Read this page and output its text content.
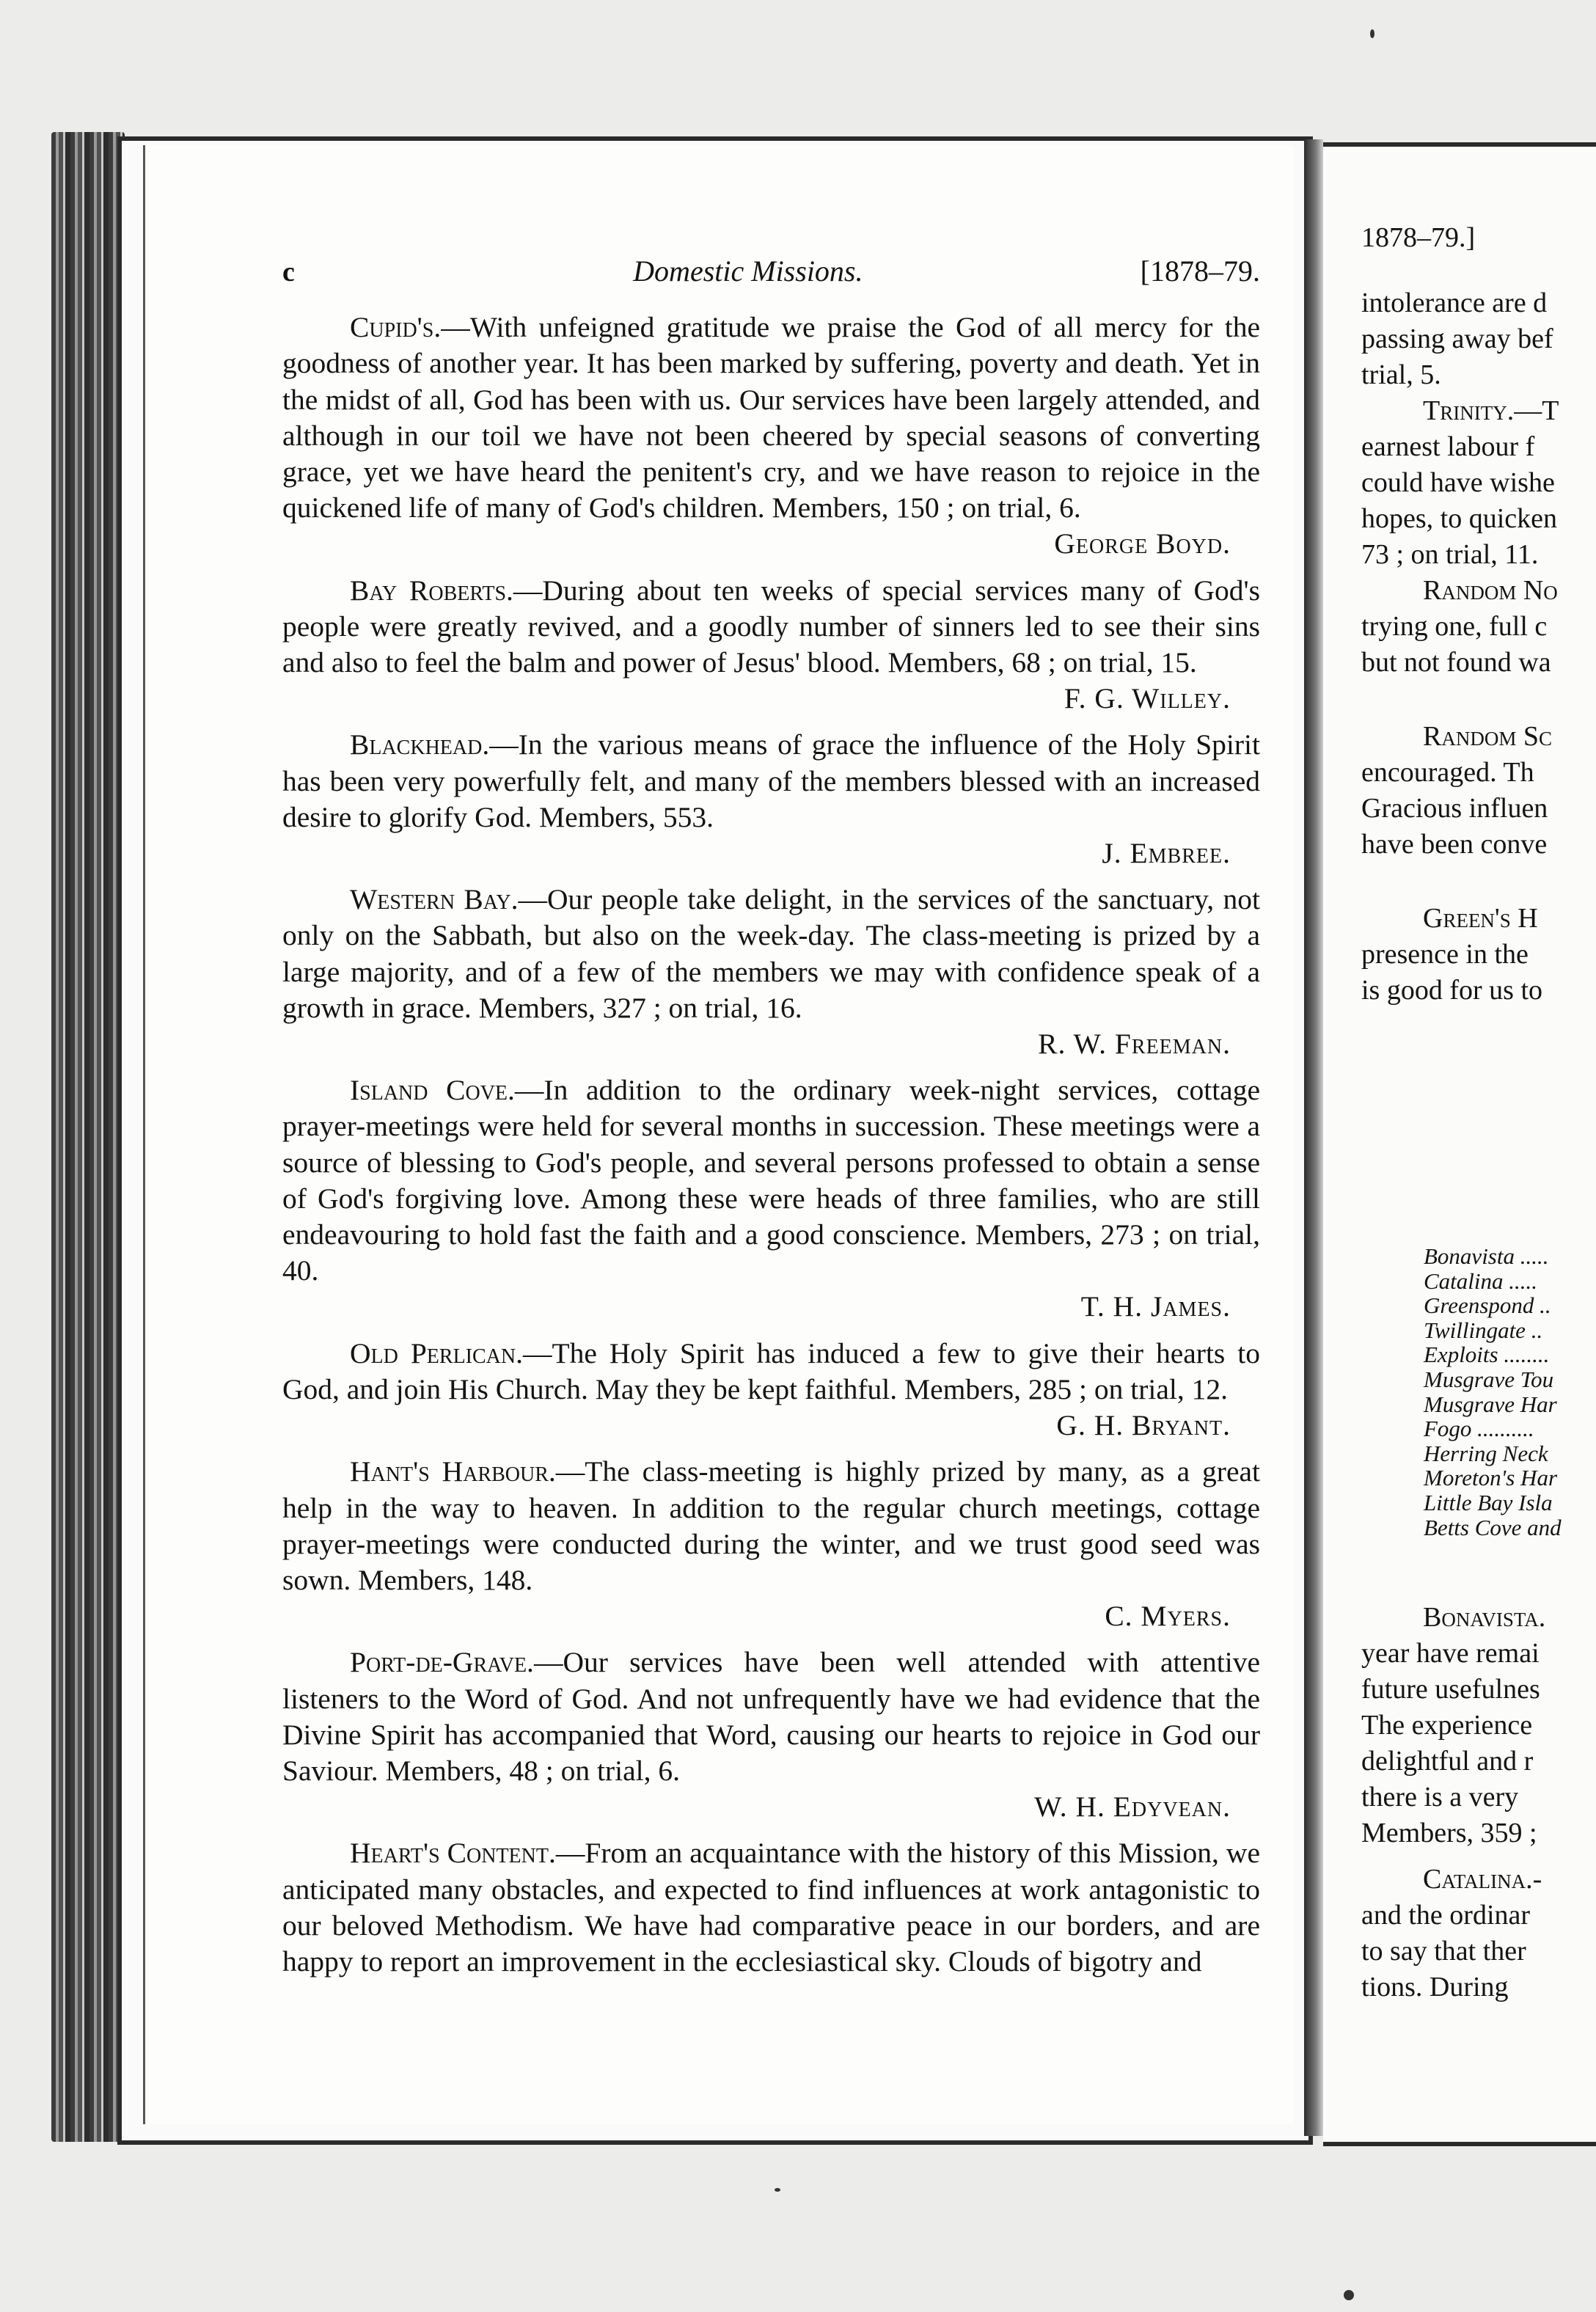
c	Domestic Missions.	[1878–79.

Cupid's.—With unfeigned gratitude we praise the God of all mercy for the goodness of another year. It has been marked by suffering, poverty and death. Yet in the midst of all, God has been with us. Our services have been largely attended, and although in our toil we have not been cheered by special seasons of converting grace, yet we have heard the penitent's cry, and we have reason to rejoice in the quickened life of many of God's children. Members, 150 ; on trial, 6.

George Boyd.

Bay Roberts.—During about ten weeks of special services many of God's people were greatly revived, and a goodly number of sinners led to see their sins and also to feel the balm and power of Jesus' blood. Members, 68 ; on trial, 15.

F. G. Willey.

Blackhead.—In the various means of grace the influence of the Holy Spirit has been very powerfully felt, and many of the members blessed with an increased desire to glorify God. Members, 553.

J. Embree.

Western Bay.—Our people take delight, in the services of the sanctuary, not only on the Sabbath, but also on the week-day. The class-meeting is prized by a large majority, and of a few of the members we may with confidence speak of a growth in grace. Members, 327 ; on trial, 16.

R. W. Freeman.

Island Cove.—In addition to the ordinary week-night services, cottage prayer-meetings were held for several months in succession. These meetings were a source of blessing to God's people, and several persons professed to obtain a sense of God's forgiving love. Among these were heads of three families, who are still endeavouring to hold fast the faith and a good conscience. Members, 273 ; on trial, 40.

T. H. James.

Old Perlican.—The Holy Spirit has induced a few to give their hearts to God, and join His Church. May they be kept faithful. Members, 285 ; on trial, 12.

G. H. Bryant.

Hant's Harbour.—The class-meeting is highly prized by many, as a great help in the way to heaven. In addition to the regular church meetings, cottage prayer-meetings were conducted during the winter, and we trust good seed was sown. Members, 148.

C. Myers.

Port-de-Grave.—Our services have been well attended with attentive listeners to the Word of God. And not unfrequently have we had evidence that the Divine Spirit has accompanied that Word, causing our hearts to rejoice in God our Saviour. Members, 48 ; on trial, 6.

W. H. Edyvean.

Heart's Content.—From an acquaintance with the history of this Mission, we anticipated many obstacles, and expected to find influences at work antagonistic to our beloved Methodism. We have had comparative peace in our borders, and are happy to report an improvement in the ecclesiastical sky. Clouds of bigotry and

1878–79.]

intolerance are d

passing away bef

trial, 5.

Trinity.—T

earnest labour f

could have wishe

hopes, to quicken

73 ; on trial, 11.

Random No

trying one, full c

but not found wa

Random Sc

encouraged. Th

Gracious influen

have been conve

Green's H

presence in the

is good for us to

Bonavista .....
Catalina .....
Greenspond ..
Twillingate ..
Exploits ........
Musgrave Tou
Musgrave Har
Fogo ..........
Herring Neck
Moreton's Har
Little Bay Isla
Betts Cove and

Bonavista.

year have remai

future usefulnes

The experience

delightful and r

there is a very

Members, 359 ;

Catalina.-

and the ordinar

to say that ther

tions. During
